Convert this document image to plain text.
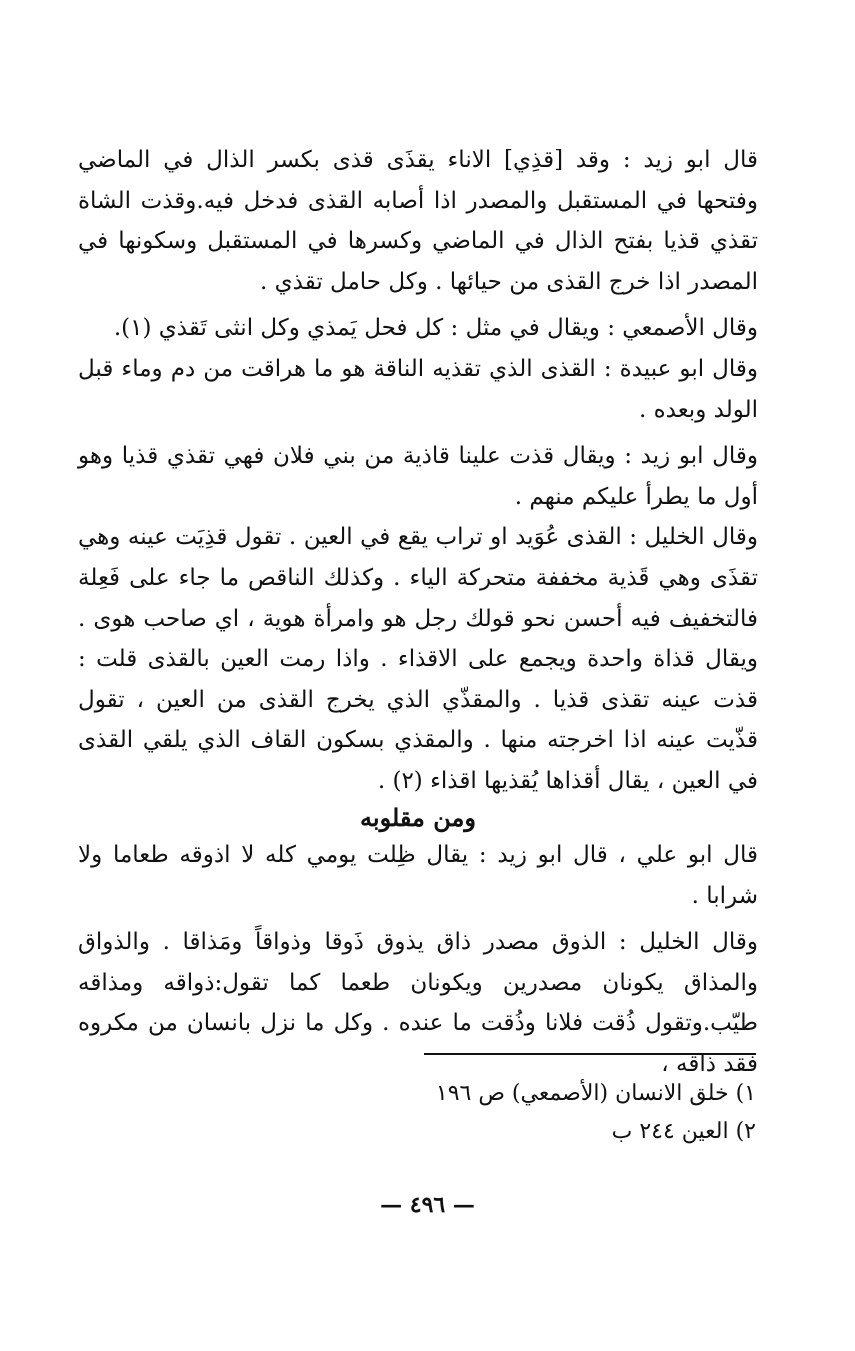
قال ابو زيد : وقد [قذِي] الاناء يقذَى قذى بكسر الذال في الماضي وفتحها في المستقبل والمصدر اذا أصابه القذى فدخل فيه.وقذت الشاة تقذي قذيا بفتح الذال في الماضي وكسرها في المستقبل وسكونها في المصدر اذا خرج القذى من حيائها . وكل حامل تقذي .

وقال الأصمعي : ويقال في مثل : كل فحل يَمذي وكل انثى تَقذي (١).

وقال ابو عبيدة : القذى الذي تقذيه الناقة هو ما هراقت من دم وماء قبل الولد وبعده .

وقال ابو زيد : ويقال قذت علينا قاذية من بني فلان فهي تقذي قذيا وهو أول ما يطرأ عليكم منهم .

وقال الخليل : القذى عُوَيد او تراب يقع في العين . تقول قذِيَت عينه وهي تقذَى وهي قَذية مخففة متحركة الياء . وكذلك الناقص ما جاء على فَعِلة فالتخفيف فيه أحسن نحو قولك رجل هو وامرأة هوية ، اي صاحب هوى . ويقال قذاة واحدة ويجمع على الاقذاء . واذا رمت العين بالقذى قلت : قذت عينه تقذى قذيا . والمقذّي الذي يخرج القذى من العين ، تقول قذّيت عينه اذا اخرجته منها . والمقذي بسكون القاف الذي يلقي القذى في العين ، يقال أقذاها يُقذيها اقذاء (٢) .

ومن مقلوبه

قال ابو علي ، قال ابو زيد : يقال ظِلت يومي كله لا اذوقه طعاما ولا شرابا .

وقال الخليل : الذوق مصدر ذاق يذوق ذَوقا وذواقاً ومَذاقا . والذواق والمذاق يكونان مصدرين ويكونان طعما كما تقول:ذواقه ومذاقه طيّب.وتقول ذُقت فلانا وذُقت ما عنده . وكل ما نزل بانسان من مكروه فقد ذاقه ،

١) خلق الانسان (الأصمعي) ص ١٩٦

٢) العين ٢٤٤ ب

— ٤٩٦ —
